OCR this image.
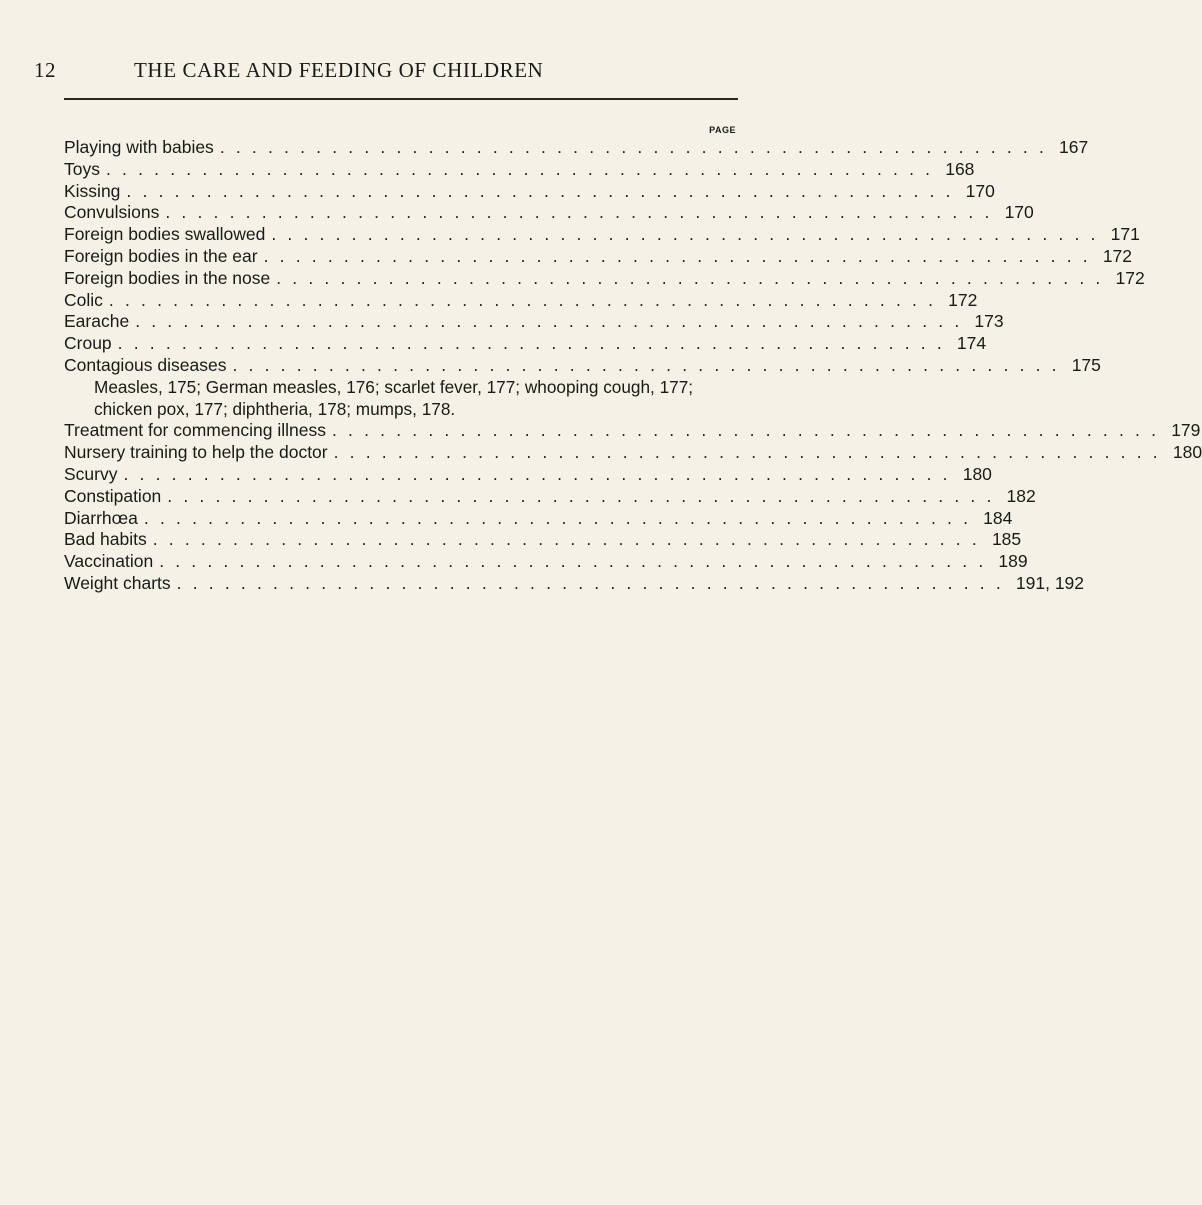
12	THE CARE AND FEEDING OF CHILDREN
PAGE
Playing with babies .................................................... 167
Toys .................................................... 168
Kissing .................................................... 170
Convulsions .................................................... 170
Foreign bodies swallowed .................................................... 171
Foreign bodies in the ear .................................................... 172
Foreign bodies in the nose .................................................... 172
Colic .................................................... 172
Earache .................................................... 173
Croup .................................................... 174
Contagious diseases .................................................... 175
Measles, 175; German measles, 176; scarlet fever, 177; whooping cough, 177; chicken pox, 177; diphtheria, 178; mumps, 178.
Treatment for commencing illness .................................................... 179
Nursery training to help the doctor .................................................... 180
Scurvy .................................................... 180
Constipation .................................................... 182
Diarrhœa .................................................... 184
Bad habits .................................................... 185
Vaccination .................................................... 189
Weight charts .................................................... 191, 192
